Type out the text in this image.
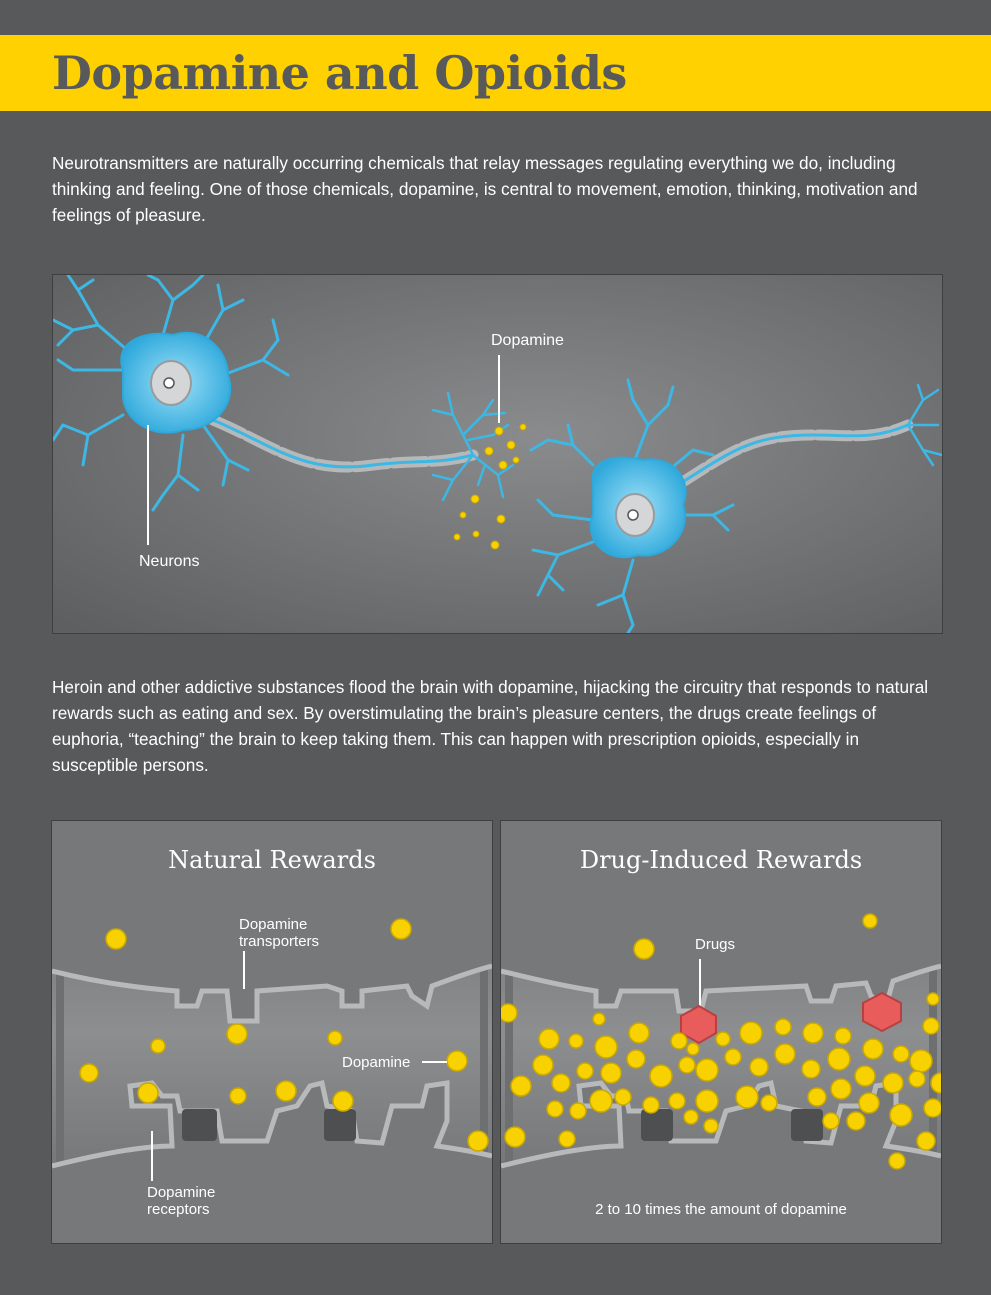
Dopamine and Opioids

Neurotransmitters are naturally occurring chemicals that relay messages regulating everything we do, including thinking and feeling. One of those chemicals, dopamine, is central to movement, emotion, thinking, motivation and feelings of pleasure.

Dopamine
Neurons

Heroin and other addictive substances flood the brain with dopamine, hijacking the circuitry that responds to natural rewards such as eating and sex. By overstimulating the brain’s pleasure centers, the drugs create feelings of euphoria, “teaching” the brain to keep taking them. This can happen with prescription opioids, especially in susceptible persons.

Natural Rewards
Dopamine
transporters
Dopamine
Dopamine
receptors
Drug-Induced Rewards
Drugs
2 to 10 times the amount of dopamine
